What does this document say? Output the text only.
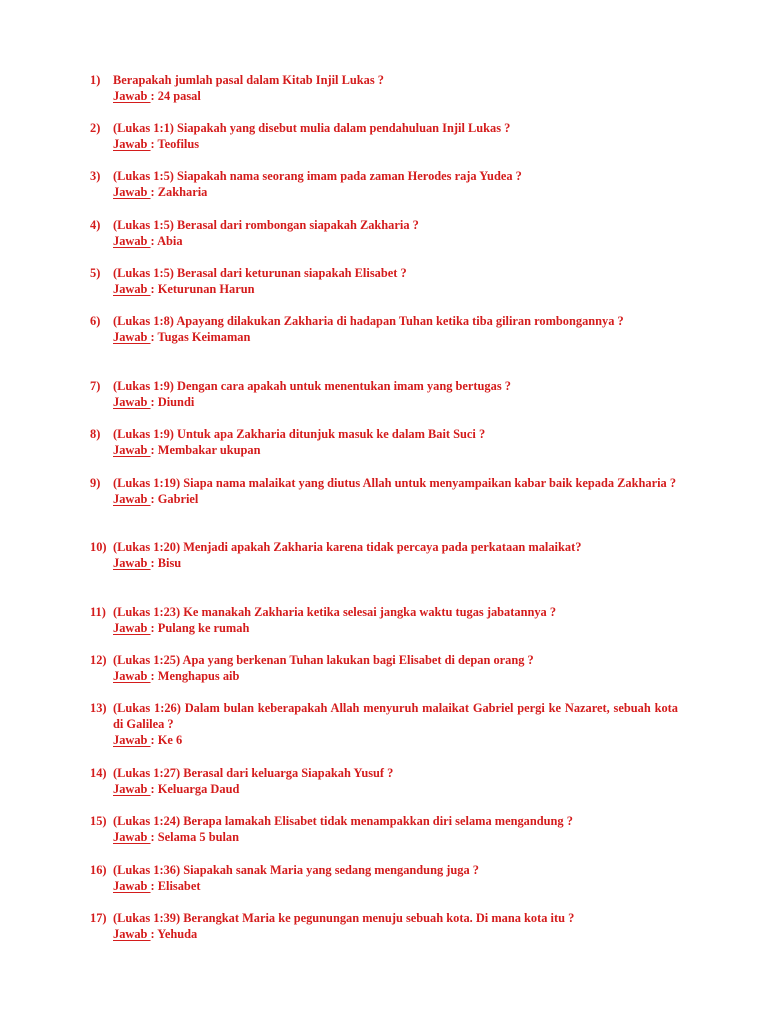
1)	Berapakah jumlah pasal dalam Kitab Injil Lukas ?
Jawab : 24 pasal
2)	(Lukas 1:1) Siapakah yang disebut mulia dalam pendahuluan Injil Lukas ?
Jawab : Teofilus
3)	(Lukas 1:5) Siapakah nama seorang imam pada zaman Herodes raja Yudea ?
Jawab : Zakharia
4)	(Lukas 1:5) Berasal dari rombongan siapakah Zakharia ?
Jawab : Abia
5)	(Lukas 1:5) Berasal dari keturunan siapakah Elisabet ?
Jawab : Keturunan Harun
6)	(Lukas 1:8) Apayang dilakukan Zakharia di hadapan Tuhan ketika tiba giliran rombongannya ?
Jawab : Tugas Keimaman
7)	(Lukas 1:9) Dengan cara apakah untuk menentukan imam yang bertugas ?
Jawab : Diundi
8)	(Lukas 1:9) Untuk apa Zakharia ditunjuk masuk ke dalam Bait Suci ?
Jawab : Membakar ukupan
9)	(Lukas 1:19) Siapa nama malaikat yang diutus Allah untuk menyampaikan kabar baik kepada Zakharia ?
Jawab : Gabriel
10) (Lukas 1:20) Menjadi apakah Zakharia karena tidak percaya pada perkataan malaikat?
Jawab : Bisu
11) (Lukas 1:23) Ke manakah Zakharia ketika selesai jangka waktu tugas jabatannya ?
Jawab : Pulang ke rumah
12) (Lukas 1:25) Apa yang berkenan Tuhan lakukan bagi Elisabet di depan orang ?
Jawab : Menghapus aib
13) (Lukas 1:26) Dalam bulan keberapakah Allah menyuruh malaikat Gabriel pergi ke Nazaret, sebuah kota di Galilea ?
Jawab : Ke 6
14) (Lukas 1:27) Berasal dari keluarga Siapakah Yusuf ?
Jawab : Keluarga Daud
15) (Lukas 1:24) Berapa lamakah Elisabet tidak menampakkan diri selama mengandung ?
Jawab : Selama 5 bulan
16) (Lukas 1:36) Siapakah sanak Maria yang sedang mengandung juga ?
Jawab : Elisabet
17) (Lukas 1:39) Berangkat Maria ke pegunungan menuju sebuah kota. Di mana kota itu ?
Jawab : Yehuda
